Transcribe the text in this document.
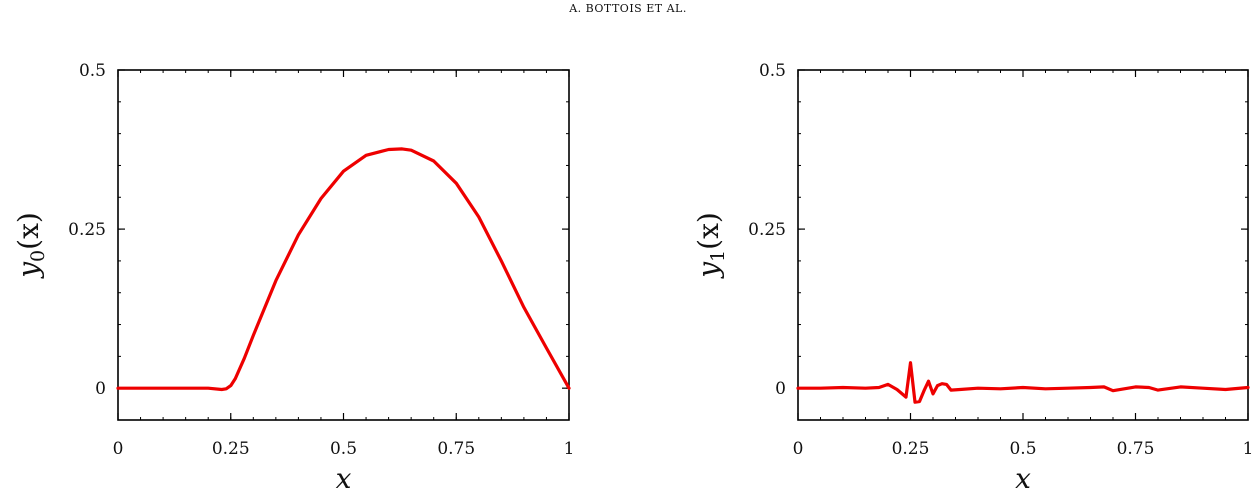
A. BOTTOIS ET AL.
0	0.25	0.5	0.75	1
0
0.25
0.5
x
$y_0(x)$
0	0.25	0.5	0.75	1
0
0.25
0.5
x
$y_1(x)$
